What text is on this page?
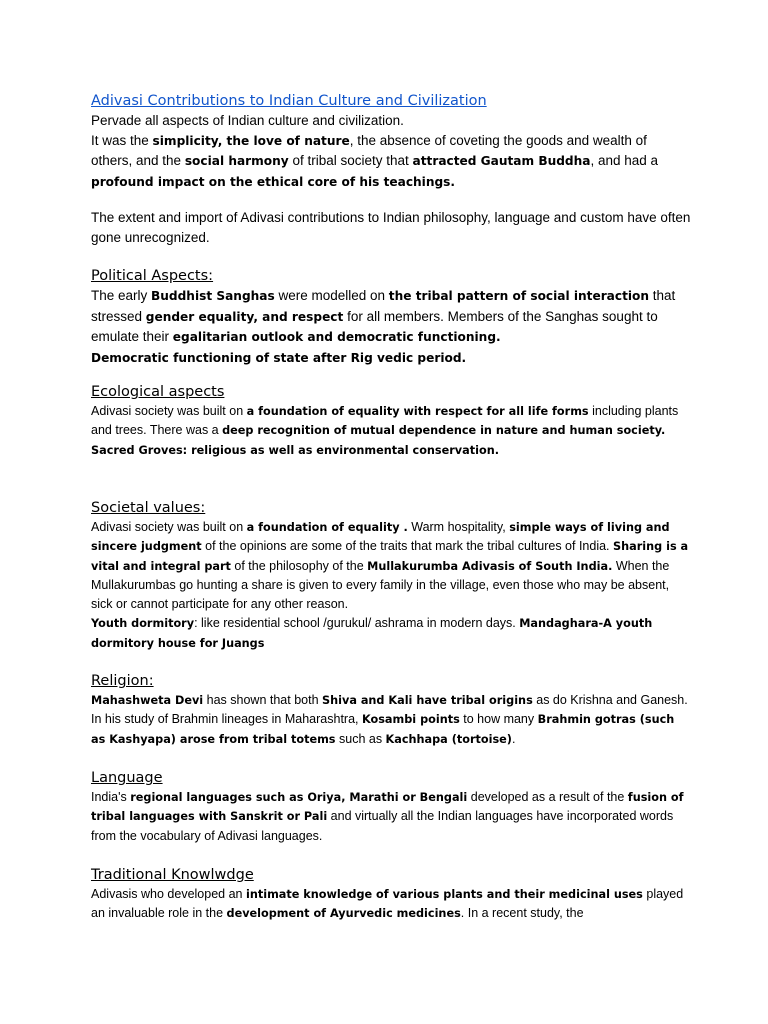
Adivasi Contributions to Indian Culture and Civilization

Pervade all aspects of Indian culture and civilization.

It was the simplicity, the love of nature, the absence of coveting the goods and wealth of others, and the social harmony of tribal society that attracted Gautam Buddha, and had a profound impact on the ethical core of his teachings.

The extent and import of Adivasi contributions to Indian philosophy, language and custom have often gone unrecognized.

Political Aspects:

The early Buddhist Sanghas were modelled on the tribal pattern of social interaction that stressed gender equality, and respect for all members. Members of the Sanghas sought to emulate their egalitarian outlook and democratic functioning.

Democratic functioning of state after Rig vedic period.

Ecological aspects

Adivasi society was built on a foundation of equality with respect for all life forms including plants and trees. There was a deep recognition of mutual dependence in nature and human society.

Sacred Groves: religious as well as environmental conservation.

Societal values:

Adivasi society was built on a foundation of equality . Warm hospitality, simple ways of living and sincere judgment of the opinions are some of the traits that mark the tribal cultures of India. Sharing is a vital and integral part of the philosophy of the Mullakurumba Adivasis of South India. When the Mullakurumbas go hunting a share is given to every family in the village, even those who may be absent, sick or cannot participate for any other reason.

Youth dormitory: like residential school /gurukul/ ashrama in modern days. Mandaghara-A youth dormitory house for Juangs

Religion:

Mahashweta Devi has shown that both Shiva and Kali have tribal origins as do Krishna and Ganesh. In his study of Brahmin lineages in Maharashtra, Kosambi points to how many Brahmin gotras (such as Kashyapa) arose from tribal totems such as Kachhapa (tortoise).

Language

India's regional languages such as Oriya, Marathi or Bengali developed as a result of the fusion of tribal languages with Sanskrit or Pali and virtually all the Indian languages have incorporated words from the vocabulary of Adivasi languages.

Traditional Knowlwdge

Adivasis who developed an intimate knowledge of various plants and their medicinal uses played an invaluable role in the development of Ayurvedic medicines. In a recent study, the
